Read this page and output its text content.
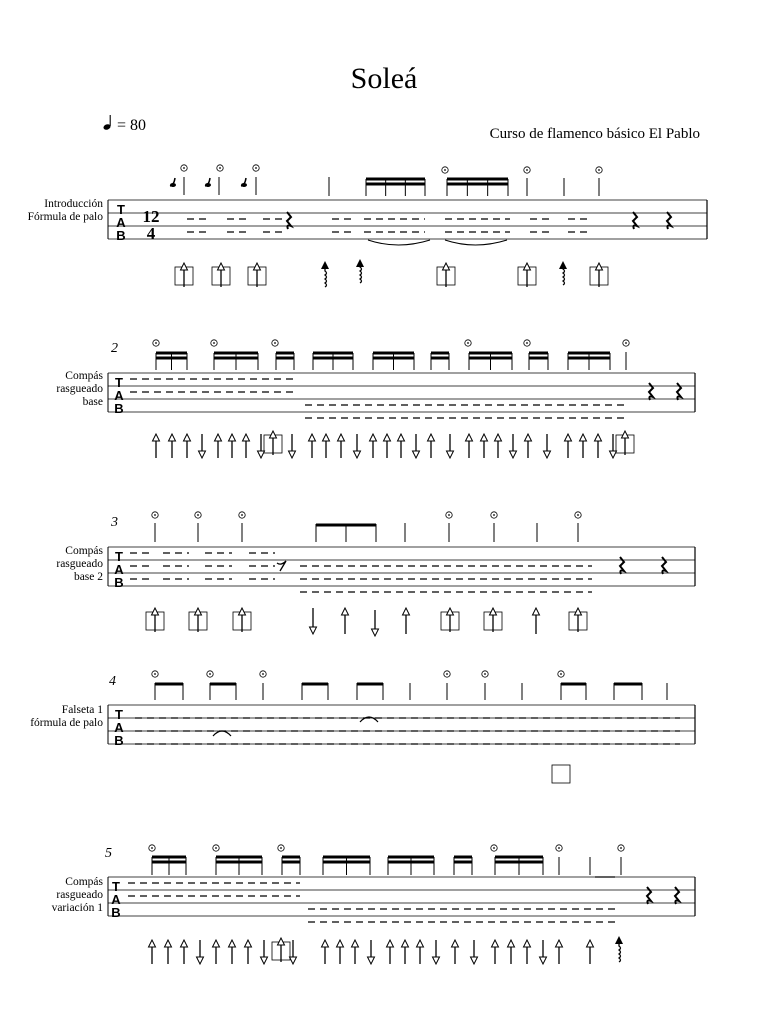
Soleá
= 80	Curso de flamenco básico El Pablo
Introducción
Fórmula de palo
2
Compás
rasgueado
base
3
Compás
rasgueado
base 2
4
Falseta 1
fórmula de palo
5
Compás
rasgueado
variación 1
T
A
B
12
4
T
A
B
T
A
B
T
A
B
T
A
B
